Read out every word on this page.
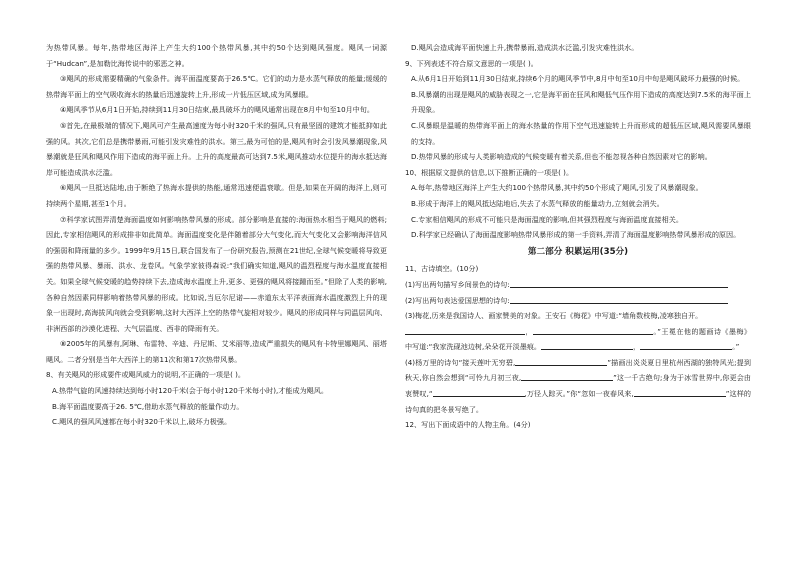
为热带风暴。每年,热带地区海洋上产生大约100个热带风暴,其中约50个达到飓风强度。飓风一词源于“Hudcan”,是加勒比海传说中的邪恶之神。

③飓风的形成需要精确的气象条件。海平面温度要高于26.5℃。它们的动力是水蒸气释放的能量;缓缓的热带海平面上的空气吸收海水的热量后迅速旋转上升,形成一片低压区域,成为风暴眼。

④飓风季节从6月1日开始,持续到11月30日结束,最具破坏力的飓风通常出现在8月中旬至10月中旬。

⑤首先,在最极端的情况下,飓风可产生最高速度为每小时320千米的强风,只有最坚固的建筑才能抵抑如此强的风。其次,它们总是携带暴雨,可能引发灾难性的洪水。第三,最为可怕的是,飓风有时会引发风暴潮现象,风暴潮就是狂风和飓风作用下造成的海平面上升。上升的高度最高可达到7.5米,飓风推动水位提升的海水抵达海岸可能造成洪水泛滥。

⑥飓风一旦抵达陆地,由于断绝了热海水提供的热能,通常迅速便温衰歇。但是,如果在开阔的海洋上,则可持续两个星期,甚至1个月。

⑦科学家试图弄清楚海面温度如何影响热带风暴的形成。部分影响是直接的:海面热水相当于飓风的燃料;因此,专家相信飓风的形成排非如此简单。海面温度变化是伴随着部分大气变化,而大气变化又会影响海洋信风的强弱和降雨量的多少。1999年9月15日,联合国发布了一份研究报告,预测在21世纪,全球气候变暖将导致更强的热带风暴、暴雨、洪水、龙卷风。气象学家彼得森说:“我们确实知道,飓风的温烈程度与海水温度直接相关。如果全球气候变暖的趋势持续下去,造成海水温度上升,更多、更强的飓风将接踵而至。”但除了人类的影响,各种自然因素同样影响着热带风暴的形成。比如说,当厄尔尼诺——赤道东太平洋表面海水温度激烈上升的现象一出现时,高海拔风向就会受到影响,这时大西洋上空的热带气旋相对较少。飓风的形成同样与同温层风向、非洲西部的沙漠化进程、大气层温度、西非的降雨有关。

⑧2005年的风暴有,阿琳、布雷特、辛迪、丹尼斯、艾米丽等,造成严重损失的飓风有卡特里娜飓风、丽塔飓风。二者分别是当年大西洋上的第11次和第17次热带风暴。

8、有关飓风的形成要件或飓风威力的说明,不正确的一项是( )。

A.热带气旋的风速持续达到每小时120千米(会于每小时120千米每小时),才能成为飓风。

B.海平面温度要高于26. 5℃,借助水蒸气释放的能量作动力。

C.飓风的强风风速都在每小时320千米以上,破坏力极强。

D.飓风会造成海平面快速上升,携带暴雨,造成洪水泛滥,引发灾难性洪水。

9、下列表述不符合原文意思的一项是( )。

A.从6月1日开始到11月30日结束,持续6个月的飓风季节中,8月中旬至10月中旬是飓风破坏力最强的时候。

B.风暴潮的出现是飓风的威胁表现之一,它是海平面在狂风和飓低气压作用下造成的高度达到7.5米的海平面上升现象。

C.风暴眼是温暖的热带海平面上的海水热量的作用下空气迅速旋转上升而形成的超低压区域,飓风需要风暴眼的支持。

D.热带风暴的形成与人类影响造成的气候变暖有着关系,但也不能忽视各种自然因素对它的影响。

10、根据原文提供的信息,以下推断正确的一项是( )。

A.每年,热带地区海洋上产生大约100个热带风暴,其中约50个形成了飓风,引发了风暴潮现象。

B.形成于海洋上的飓风抵达陆地后,失去了水蒸气释放的能量动力,立刻就会消失。

C.专家相信飓风的形成不可能只是海面温度的影响,但其强烈程度与海面温度直接相关。

D.科学家已经确认了海面温度影响热带风暴形成的第一手资料,弄清了海面温度影响热带风暴形成的原因。

第二部分 积累运用(35分)

11、古诗填空。(10分)

(1)写出两句描写乡间景色的诗句:

(2)写出两句表达爱国思想的诗句:

(3)梅花,历来是我国诗人、画家赞美的对象。王安石《梅花》中写道:“墙角数枝梅,凌寒独自开。

，	。”王冕在他的题画诗《墨梅》中写道:“我家洗砚池边树,朵朵花开淡墨痕。	，	。”

(4)杨万里的诗句“接天莲叶无穷碧,	”描画出炎炎夏日里杭州西湖的独特风光;提到秋天,你自然会想到“可怜九月初三夜,	”这一千古绝句;身为于冰雪世界中,你更会由衷赞叹,“	,万径人踪灭。”你“忽如一夜春风来,	”这样的诗句真的把冬景写绝了。

12、写出下面成语中的人物主角。(4分)
